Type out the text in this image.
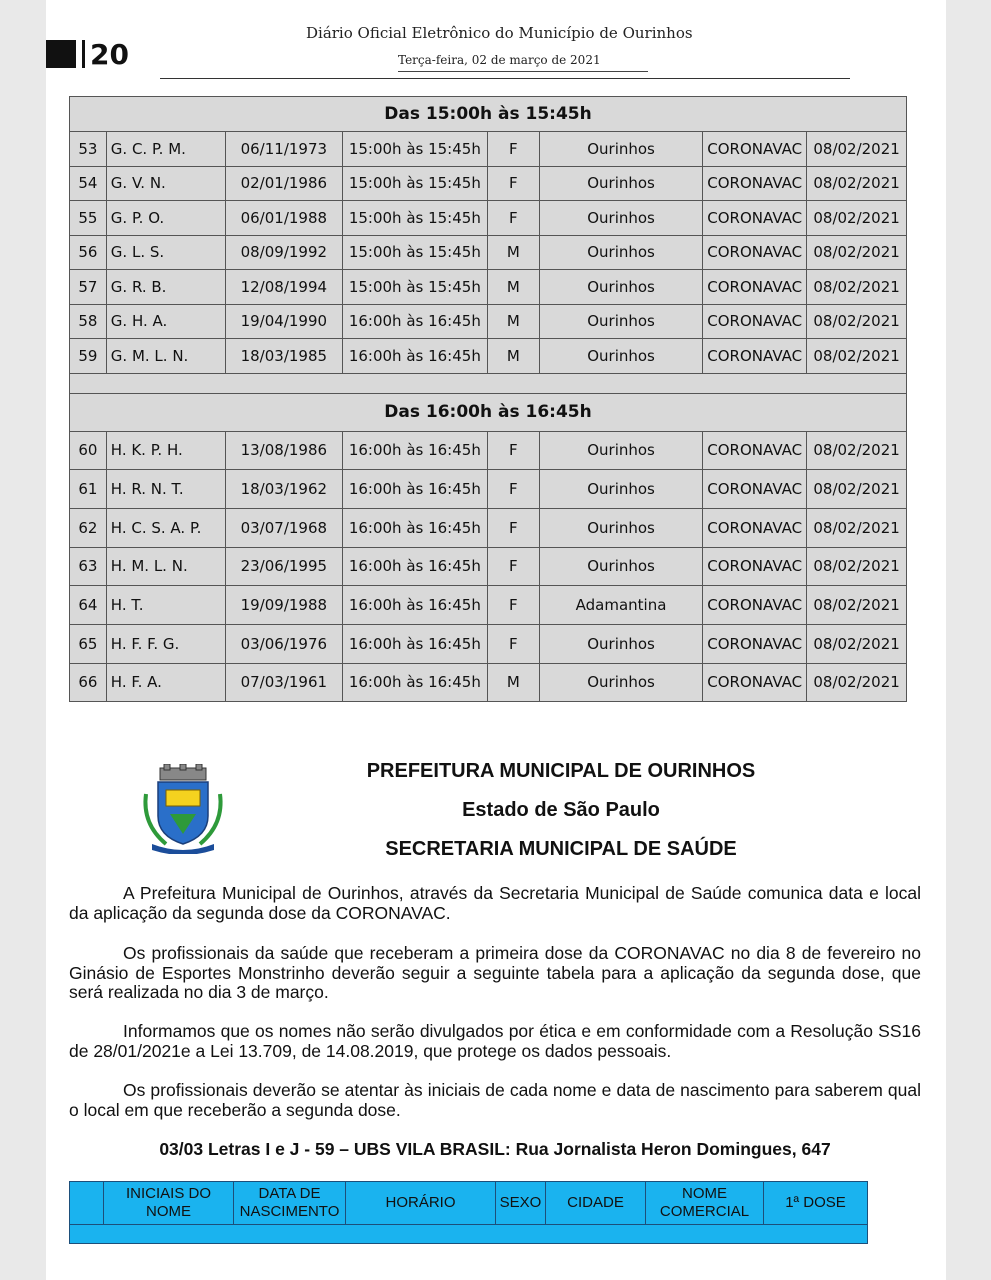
20
Diário Oficial Eletrônico do Município de Ourinhos
Terça-feira, 02 de março de 2021
Das 15:00h às 15:45h							
53	G. C. P. M.	06/11/1973	15:00h às 15:45h	F	Ourinhos	CORONAVAC	08/02/2021
54	G. V. N.	02/01/1986	15:00h às 15:45h	F	Ourinhos	CORONAVAC	08/02/2021
55	G. P. O.	06/01/1988	15:00h às 15:45h	F	Ourinhos	CORONAVAC	08/02/2021
56	G. L. S.	08/09/1992	15:00h às 15:45h	M	Ourinhos	CORONAVAC	08/02/2021
57	G. R. B.	12/08/1994	15:00h às 15:45h	M	Ourinhos	CORONAVAC	08/02/2021
58	G. H. A.	19/04/1990	16:00h às 16:45h	M	Ourinhos	CORONAVAC	08/02/2021
59	G. M. L. N.	18/03/1985	16:00h às 16:45h	M	Ourinhos	CORONAVAC	08/02/2021

Das 16:00h às 16:45h							
60	H. K. P. H.	13/08/1986	16:00h às 16:45h	F	Ourinhos	CORONAVAC	08/02/2021
61	H. R. N. T.	18/03/1962	16:00h às 16:45h	F	Ourinhos	CORONAVAC	08/02/2021
62	H. C. S. A. P.	03/07/1968	16:00h às 16:45h	F	Ourinhos	CORONAVAC	08/02/2021
63	H. M. L. N.	23/06/1995	16:00h às 16:45h	F	Ourinhos	CORONAVAC	08/02/2021
64	H. T.	19/09/1988	16:00h às 16:45h	F	Adamantina	CORONAVAC	08/02/2021
65	H. F. F. G.	03/06/1976	16:00h às 16:45h	F	Ourinhos	CORONAVAC	08/02/2021
66	H. F. A.	07/03/1961	16:00h às 16:45h	M	Ourinhos	CORONAVAC	08/02/2021
PREFEITURA MUNICIPAL DE OURINHOS
Estado de São Paulo
SECRETARIA MUNICIPAL DE SAÚDE

A Prefeitura Municipal de Ourinhos, através da Secretaria Municipal de Saúde comunica data e local da aplicação da segunda dose da CORONAVAC.

Os profissionais da saúde que receberam a primeira dose da CORONAVAC no dia 8 de fevereiro no Ginásio de Esportes Monstrinho deverão seguir a seguinte tabela para a aplicação da segunda dose, que será realizada no dia 3 de março.

Informamos que os nomes não serão divulgados por ética e em conformidade com a Resolução SS16 de 28/01/2021e a Lei 13.709, de 14.08.2019, que protege os dados pessoais.

Os profissionais deverão se atentar às iniciais de cada nome e data de nascimento para saberem qual o local em que receberão a segunda dose.

03/03 Letras I e J - 59 – UBS VILA BRASIL: Rua Jornalista Heron Domingues, 647
	INICIAIS DO NOME	DATA DE NASCIMENTO	HORÁRIO	SEXO	CIDADE	NOME COMERCIAL	1ª DOSE
